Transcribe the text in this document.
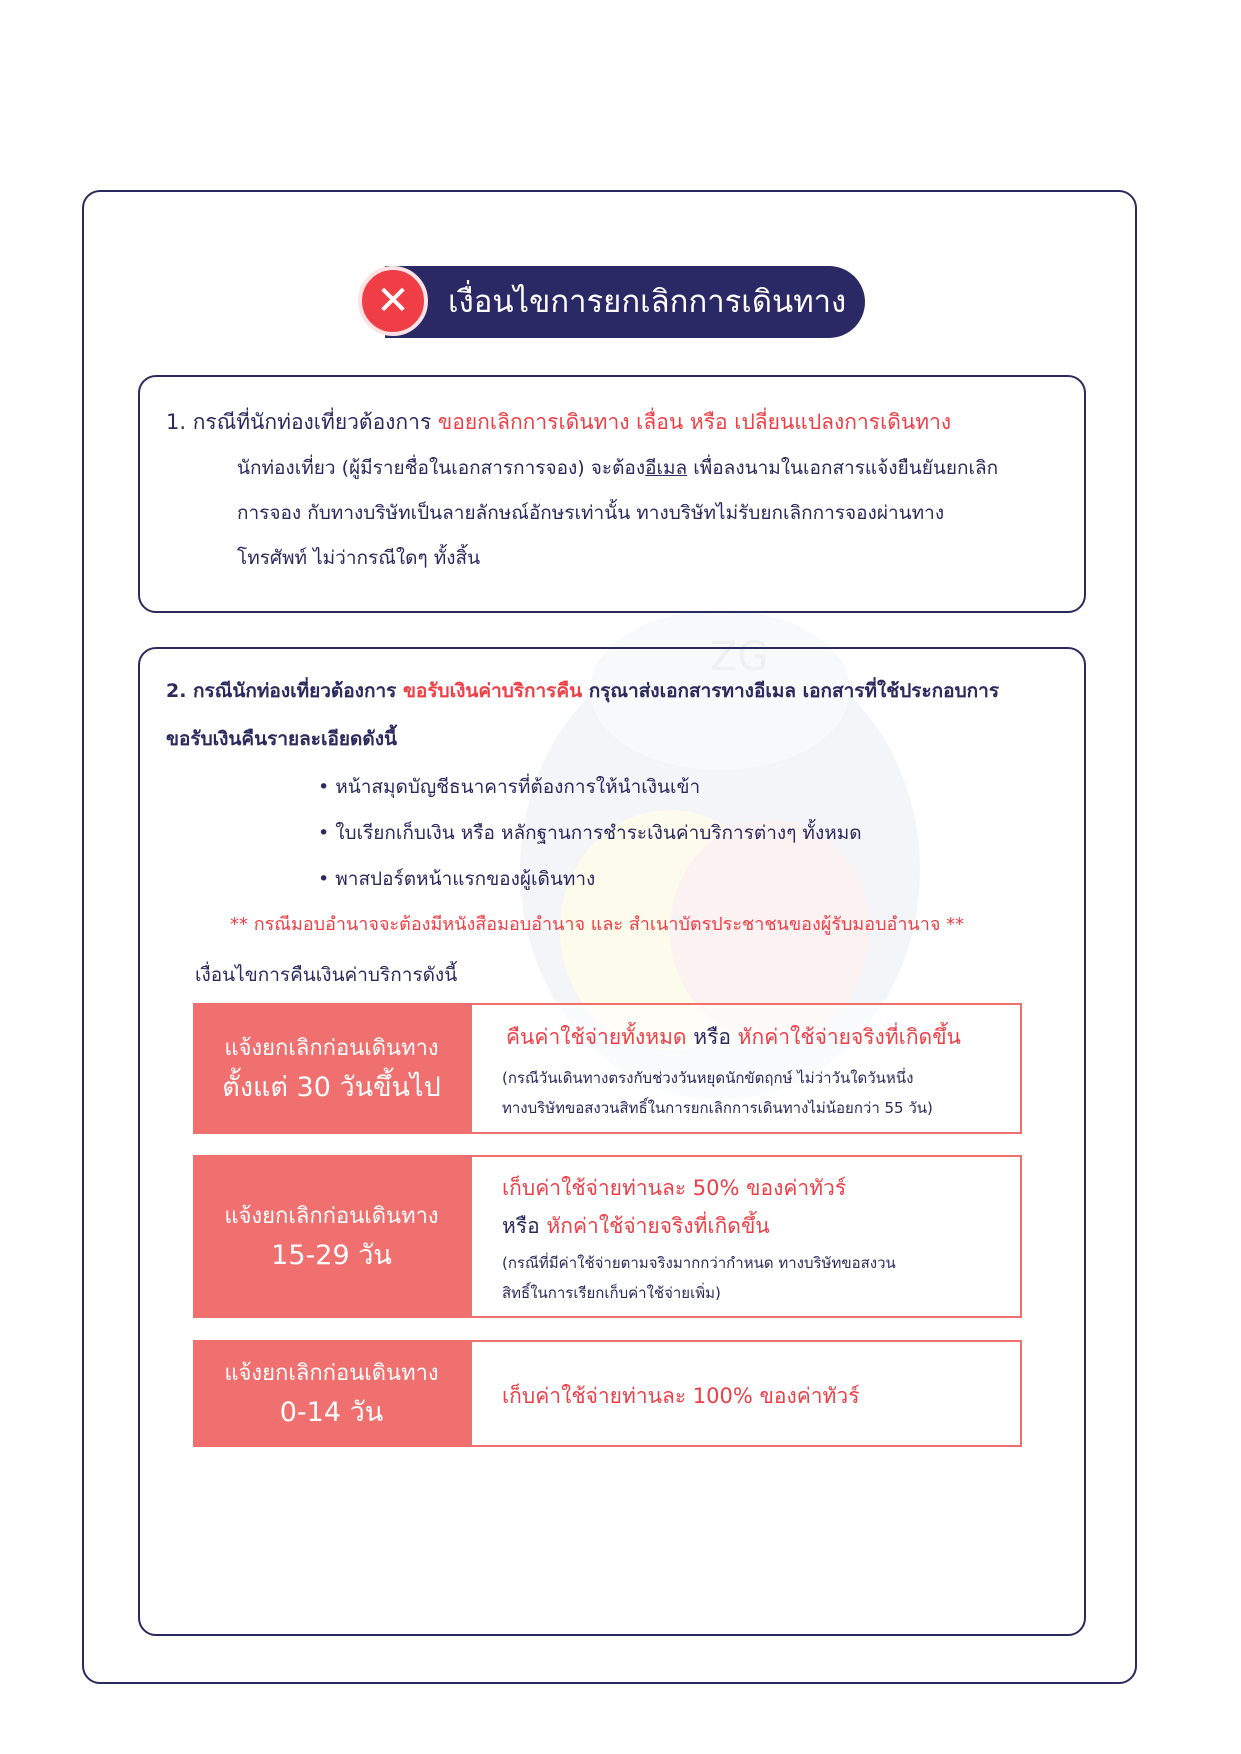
ZG
✕	เงื่อนไขการยกเลิกการเดินทาง
1. กรณีที่นักท่องเที่ยวต้องการ ขอยกเลิกการเดินทาง เลื่อน หรือ เปลี่ยนแปลงการเดินทาง
นักท่องเที่ยว (ผู้มีรายชื่อในเอกสารการจอง) จะต้องอีเมล เพื่อลงนามในเอกสารแจ้งยืนยันยกเลิก
การจอง กับทางบริษัทเป็นลายลักษณ์อักษรเท่านั้น ทางบริษัทไม่รับยกเลิกการจองผ่านทาง
โทรศัพท์ ไม่ว่ากรณีใดๆ ทั้งสิ้น
2. กรณีนักท่องเที่ยวต้องการ ขอรับเงินค่าบริการคืน กรุณาส่งเอกสารทางอีเมล เอกสารที่ใช้ประกอบการ
ขอรับเงินคืนรายละเอียดดังนี้
• หน้าสมุดบัญชีธนาคารที่ต้องการให้นำเงินเข้า
• ใบเรียกเก็บเงิน หรือ หลักฐานการชำระเงินค่าบริการต่างๆ ทั้งหมด
• พาสปอร์ตหน้าแรกของผู้เดินทาง
** กรณีมอบอำนาจจะต้องมีหนังสือมอบอำนาจ และ สำเนาบัตรประชาชนของผู้รับมอบอำนาจ **
เงื่อนไขการคืนเงินค่าบริการดังนี้
แจ้งยกเลิกก่อนเดินทาง
ตั้งแต่ 30 วันขึ้นไป
คืนค่าใช้จ่ายทั้งหมด หรือ หักค่าใช้จ่ายจริงที่เกิดขึ้น
(กรณีวันเดินทางตรงกับช่วงวันหยุดนักขัตฤกษ์ ไม่ว่าวันใดวันหนึ่ง
ทางบริษัทขอสงวนสิทธิ์ในการยกเลิกการเดินทางไม่น้อยกว่า 55 วัน)
แจ้งยกเลิกก่อนเดินทาง
15-29 วัน
เก็บค่าใช้จ่ายท่านละ 50% ของค่าทัวร์
หรือ หักค่าใช้จ่ายจริงที่เกิดขึ้น
(กรณีที่มีค่าใช้จ่ายตามจริงมากกว่ากำหนด ทางบริษัทขอสงวน
สิทธิ์ในการเรียกเก็บค่าใช้จ่ายเพิ่ม)
แจ้งยกเลิกก่อนเดินทาง
0-14 วัน
เก็บค่าใช้จ่ายท่านละ 100% ของค่าทัวร์
